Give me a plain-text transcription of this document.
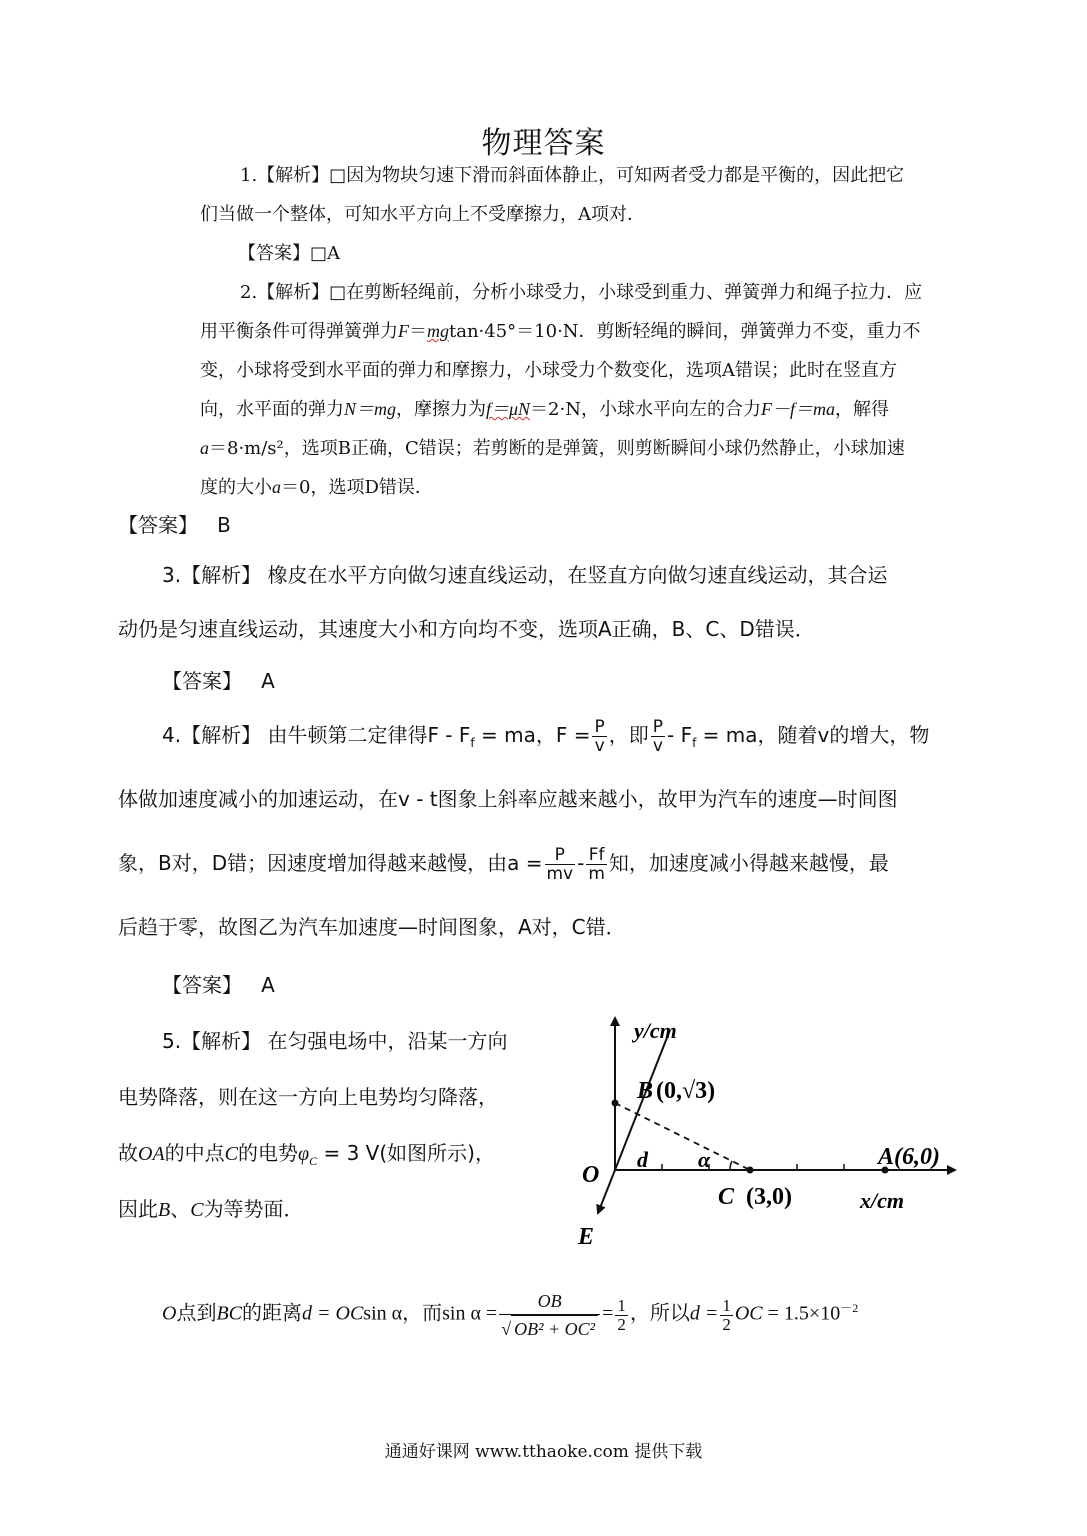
物理答案
1.【解析】□因为物块匀速下滑而斜面体静止，可知两者受力都是平衡的，因此把它
们当做一个整体，可知水平方向上不受摩擦力，A项对．
【答案】□A
2.【解析】□在剪断轻绳前，分析小球受力，小球受到重力、弹簧弹力和绳子拉力．应
用平衡条件可得弹簧弹力F＝mgtan·45°＝10·N．剪断轻绳的瞬间，弹簧弹力不变，重力不
变，小球将受到水平面的弹力和摩擦力，小球受力个数变化，选项A错误；此时在竖直方
向，水平面的弹力N＝mg，摩擦力为f＝μN＝2·N，小球水平向左的合力F－f＝ma，解得
a＝8·m/s²，选项B正确，C错误；若剪断的是弹簧，则剪断瞬间小球仍然静止，小球加速
度的大小a＝0，选项D错误．
【答案】 B
3.【解析】 橡皮在水平方向做匀速直线运动，在竖直方向做匀速直线运动，其合运
动仍是匀速直线运动，其速度大小和方向均不变，选项A正确，B、C、D错误．
【答案】 A
4.【解析】 由牛顿第二定律得F - $F_f$ = ma，$F = \frac{P}{v}$ ，即 $\frac{P}{v} - F_f$ = ma，随着v的增大，物
体做加速度减小的加速运动，在v - t图象上斜率应越来越小，故甲为汽车的速度—时间图
象，B对，D错；因速度增加得越来越慢，由$a = \frac{P}{mv} - \frac{Ff}{m}$ 知，加速度减小得越来越慢，最
后趋于零，故图乙为汽车加速度—时间图象，A对，C错．
【答案】 A
5.【解析】 在匀强电场中，沿某一方向
电势降落，则在这一方向上电势均匀降落，
故OA的中点C的电势$\varphi_C = 3$ V(如图所示)，
因此B、C为等势面．
y/cm
x/cm
O
B (0,√3)
A(6,0)
C (3,0)
d α
E
O点到BC的距离d = OCsin α，而$\sin \alpha = \frac{OB}{\text{√ OB² + OC²}} = \frac{1}{2}$ ，所以$d = \frac{1}{2}$ OC = $1.5\times 10^{-2}$
通通好课网 www.tthaoke.com 提供下载
